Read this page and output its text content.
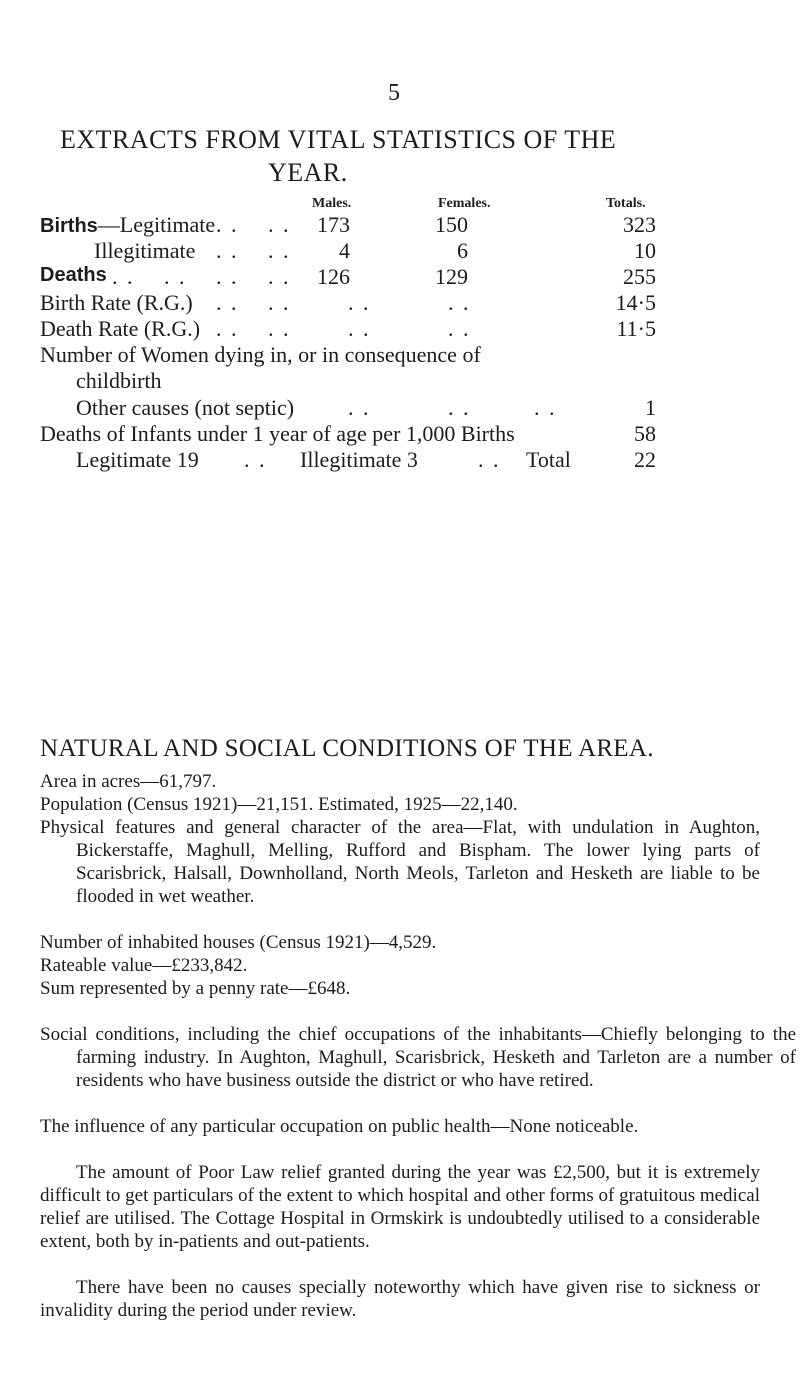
5
EXTRACTS FROM VITAL STATISTICS OF THE
YEAR.
Males.	Females.	Totals.
Births—Legitimate . . . .	173	150	323
Illegitimate . . . .	4	6	10
Deaths . . . . . . . .	126	129	255
Birth Rate (R.G.) . . . .	. .	. .	14·5
Death Rate (R.G.) . . . .	. .	. .	11·5
Number of Women dying in, or in consequence of
childbirth
Other causes (not septic) . .	. .	. .	1
Deaths of Infants under 1 year of age per 1,000 Births	58
Legitimate 19 . . Illegitimate 3	. . Total	22
NATURAL AND SOCIAL CONDITIONS OF THE AREA.

Area in acres—61,797.

Population (Census 1921)—21,151. Estimated, 1925—22,140.

Physical features and general character of the area—Flat, with undulation in Aughton, Bickerstaffe, Maghull, Melling, Rufford and Bispham. The lower lying parts of Scarisbrick, Halsall, Downholland, North Meols, Tarleton and Hesketh are liable to be flooded in wet weather.

Number of inhabited houses (Census 1921)—4,529.

Rateable value—£233,842.

Sum represented by a penny rate—£648.

Social conditions, including the chief occupations of the inhabitants—Chiefly belonging to the farming industry. In Aughton, Maghull, Scarisbrick, Hesketh and Tarleton are a number of residents who have business outside the district or who have retired.
The influence of any particular occupation on public health—None noticeable.
The amount of Poor Law relief granted during the year was £2,500, but it is extremely difficult to get particulars of the extent to which hospital and other forms of gratuitous medical relief are utilised. The Cottage Hospital in Ormskirk is undoubtedly utilised to a considerable extent, both by in-patients and out-patients.
There have been no causes specially noteworthy which have given rise to sickness or invalidity during the period under review.
